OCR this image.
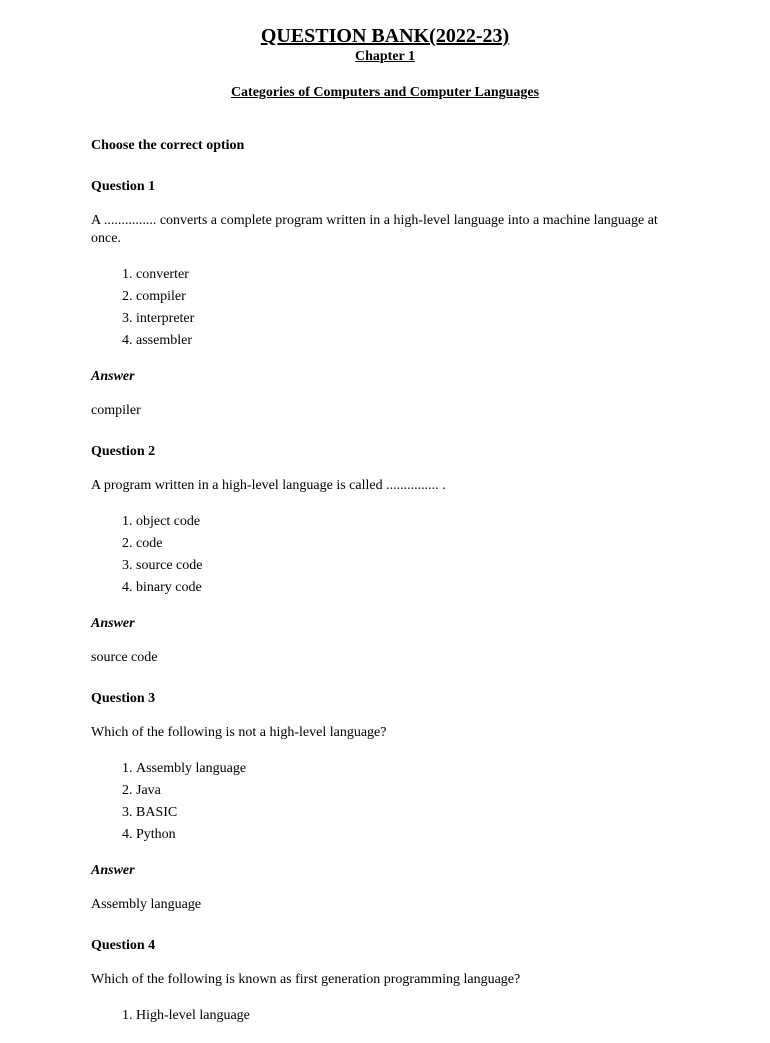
QUESTION BANK(2022-23)
Chapter 1
Categories of Computers and Computer Languages

Choose the correct option

Question 1

A ............... converts a complete program written in a high-level language into a machine language at once.

1. converter
2. compiler
3. interpreter
4. assembler

Answer

compiler

Question 2

A program written in a high-level language is called ............... .

1. object code
2. code
3. source code
4. binary code

Answer

source code

Question 3

Which of the following is not a high-level language?

1. Assembly language
2. Java
3. BASIC
4. Python

Answer

Assembly language

Question 4

Which of the following is known as first generation programming language?

1. High-level language
